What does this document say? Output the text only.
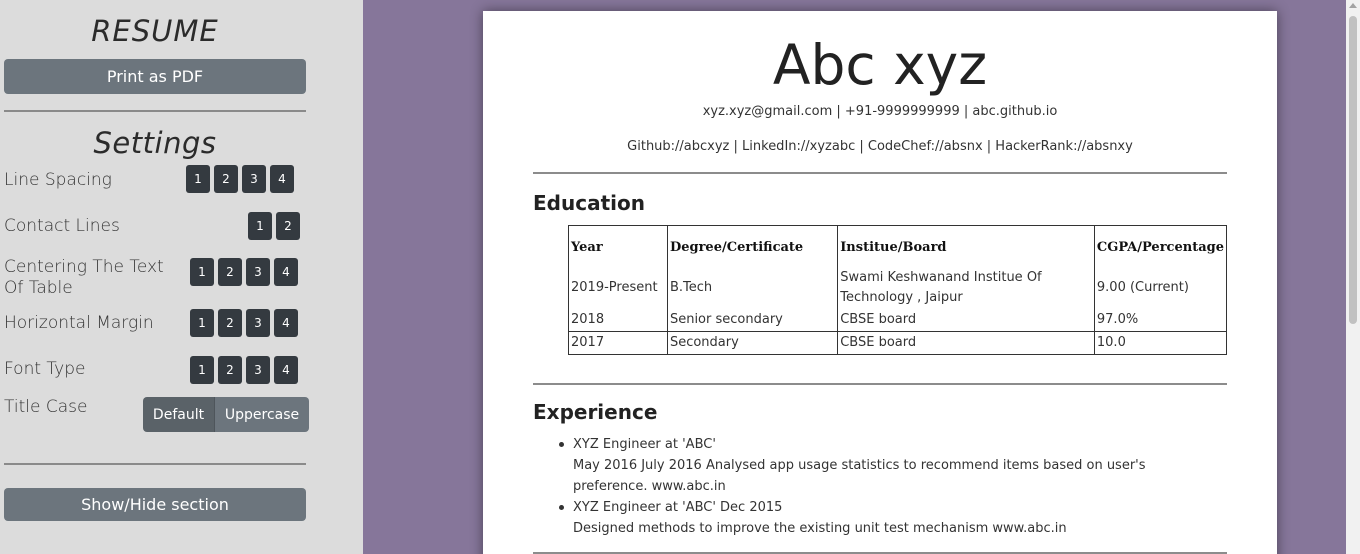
RESUME
Print as PDF
Settings
Line Spacing	1	2	3	4
Contact Lines	1	2
Centering The Text Of Table
1	2	3	4
Horizontal Margin	1	2	3	4
Font Type	1	2	3	4
Title Case	Default	Uppercase
Show/Hide section
Abc xyz
xyz.xyz@gmail.com | +91-9999999999 | abc.github.io
Github://abcxyz | LinkedIn://xyzabc | CodeChef://absnx | HackerRank://absnxy
Education
Year	Degree/Certificate	Institue/Board	CGPA/Percentage
2019-Present	B.Tech	Swami Keshwanand Institue Of Technology , Jaipur	9.00 (Current)
2018	Senior secondary	CBSE board	97.0%
2017	Secondary	CBSE board	10.0
Experience
XYZ Engineer at 'ABC'
May 2016 July 2016 Analysed app usage statistics to recommend items based on user's preference. www.abc.in
XYZ Engineer at 'ABC' Dec 2015
Designed methods to improve the existing unit test mechanism www.abc.in
